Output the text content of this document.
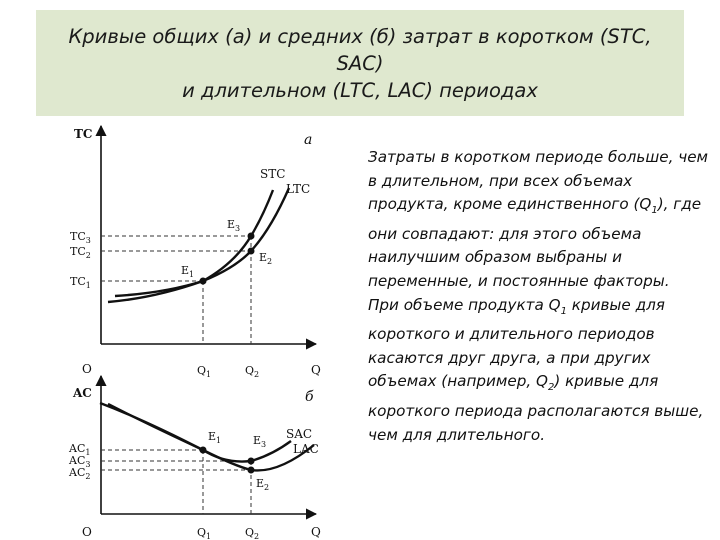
Кривые общих (а) и средних (б) затрат в коротком (STC,
SAC)
и длительном (LTC, LAC) периодах
TC	а
O	Q
STC
LTC
$E_1$
$E_3$
$E_2$
$TC_3$
$TC_2$
$TC_1$
$Q_1$	$Q_2$
AC	б
O	Q
SAC
LAC
$E_1$	$E_3$
$E_2$
$AC_1$
$AC_3$
$AC_2$
$Q_1$	$Q_2$

Затраты в коротком периоде больше, чем в длительном, при всех объемах продукта, кроме единственного $(Q_1)$, где они совпадают: для этого объема наилучшим образом выбраны и переменные, и постоянные факторы.

При объеме продукта $Q_1$ кривые для короткого и длительного периодов касаются друг друга, а при других объемах (например, $Q_2$) кривые для короткого периода располагаются выше, чем для длительного.
